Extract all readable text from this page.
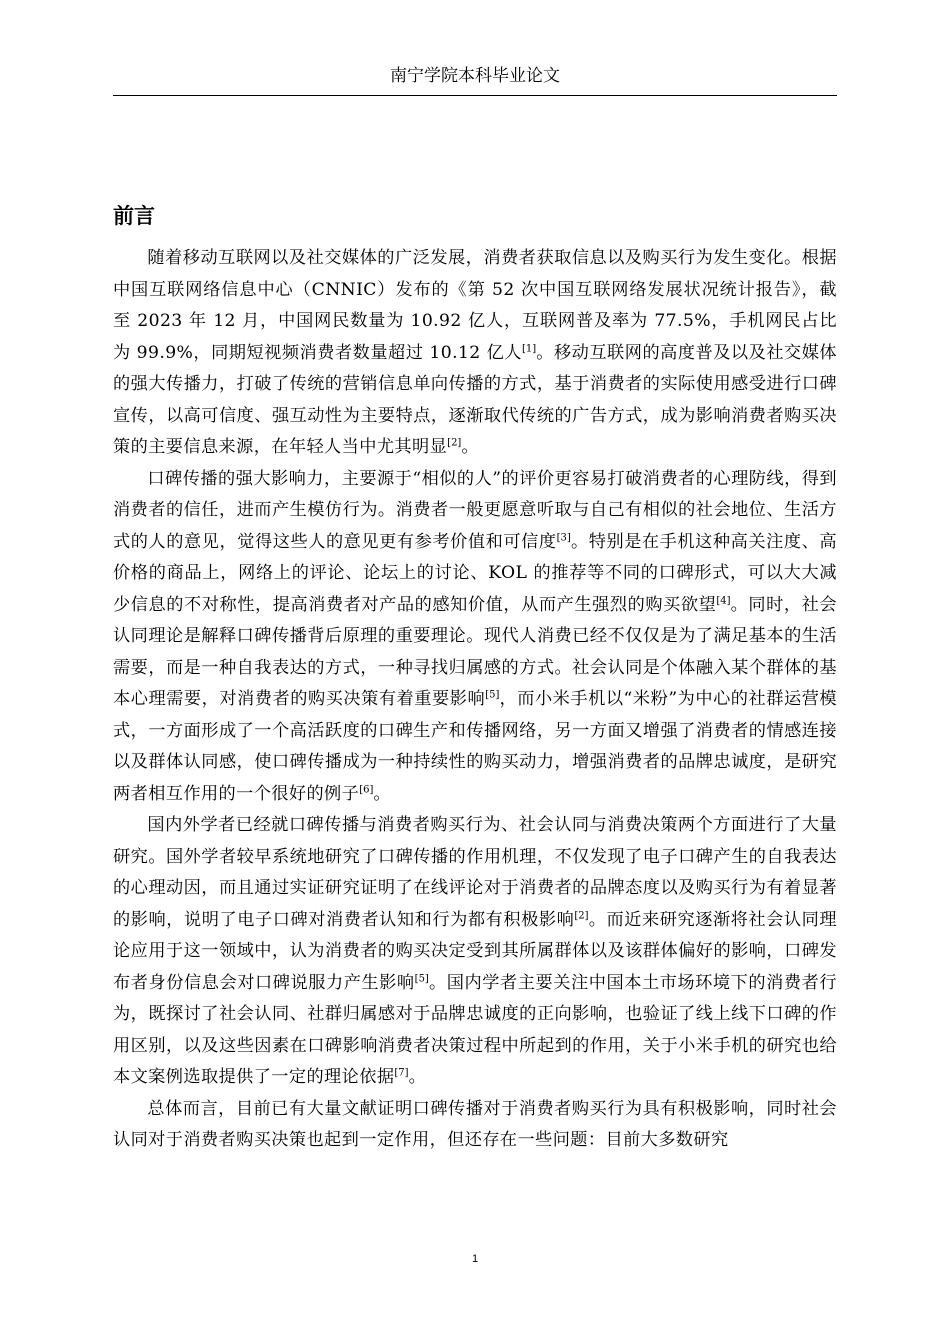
南宁学院本科毕业论文
前言

随着移动互联网以及社交媒体的广泛发展，消费者获取信息以及购买行为发生变化。根据中国互联网络信息中心（CNNIC）发布的《第 52 次中国互联网络发展状况统计报告》，截至 2023 年 12 月，中国网民数量为 10.92 亿人，互联网普及率为 77.5%，手机网民占比为 99.9%，同期短视频消费者数量超过 10.12 亿人[1]。移动互联网的高度普及以及社交媒体的强大传播力，打破了传统的营销信息单向传播的方式，基于消费者的实际使用感受进行口碑宣传，以高可信度、强互动性为主要特点，逐渐取代传统的广告方式，成为影响消费者购买决策的主要信息来源，在年轻人当中尤其明显[2]。

口碑传播的强大影响力，主要源于“相似的人”的评价更容易打破消费者的心理防线，得到消费者的信任，进而产生模仿行为。消费者一般更愿意听取与自己有相似的社会地位、生活方式的人的意见，觉得这些人的意见更有参考价值和可信度[3]。特别是在手机这种高关注度、高价格的商品上，网络上的评论、论坛上的讨论、KOL 的推荐等不同的口碑形式，可以大大减少信息的不对称性，提高消费者对产品的感知价值，从而产生强烈的购买欲望[4]。同时，社会认同理论是解释口碑传播背后原理的重要理论。现代人消费已经不仅仅是为了满足基本的生活需要，而是一种自我表达的方式，一种寻找归属感的方式。社会认同是个体融入某个群体的基本心理需要，对消费者的购买决策有着重要影响[5]，而小米手机以“米粉”为中心的社群运营模式，一方面形成了一个高活跃度的口碑生产和传播网络，另一方面又增强了消费者的情感连接以及群体认同感，使口碑传播成为一种持续性的购买动力，增强消费者的品牌忠诚度，是研究两者相互作用的一个很好的例子[6]。

国内外学者已经就口碑传播与消费者购买行为、社会认同与消费决策两个方面进行了大量研究。国外学者较早系统地研究了口碑传播的作用机理，不仅发现了电子口碑产生的自我表达的心理动因，而且通过实证研究证明了在线评论对于消费者的品牌态度以及购买行为有着显著的影响，说明了电子口碑对消费者认知和行为都有积极影响[2]。而近来研究逐渐将社会认同理论应用于这一领域中，认为消费者的购买决定受到其所属群体以及该群体偏好的影响，口碑发布者身份信息会对口碑说服力产生影响[5]。国内学者主要关注中国本土市场环境下的消费者行为，既探讨了社会认同、社群归属感对于品牌忠诚度的正向影响，也验证了线上线下口碑的作用区别，以及这些因素在口碑影响消费者决策过程中所起到的作用，关于小米手机的研究也给本文案例选取提供了一定的理论依据[7]。

总体而言，目前已有大量文献证明口碑传播对于消费者购买行为具有积极影响，同时社会认同对于消费者购买决策也起到一定作用，但还存在一些问题：目前大多数研究

1
